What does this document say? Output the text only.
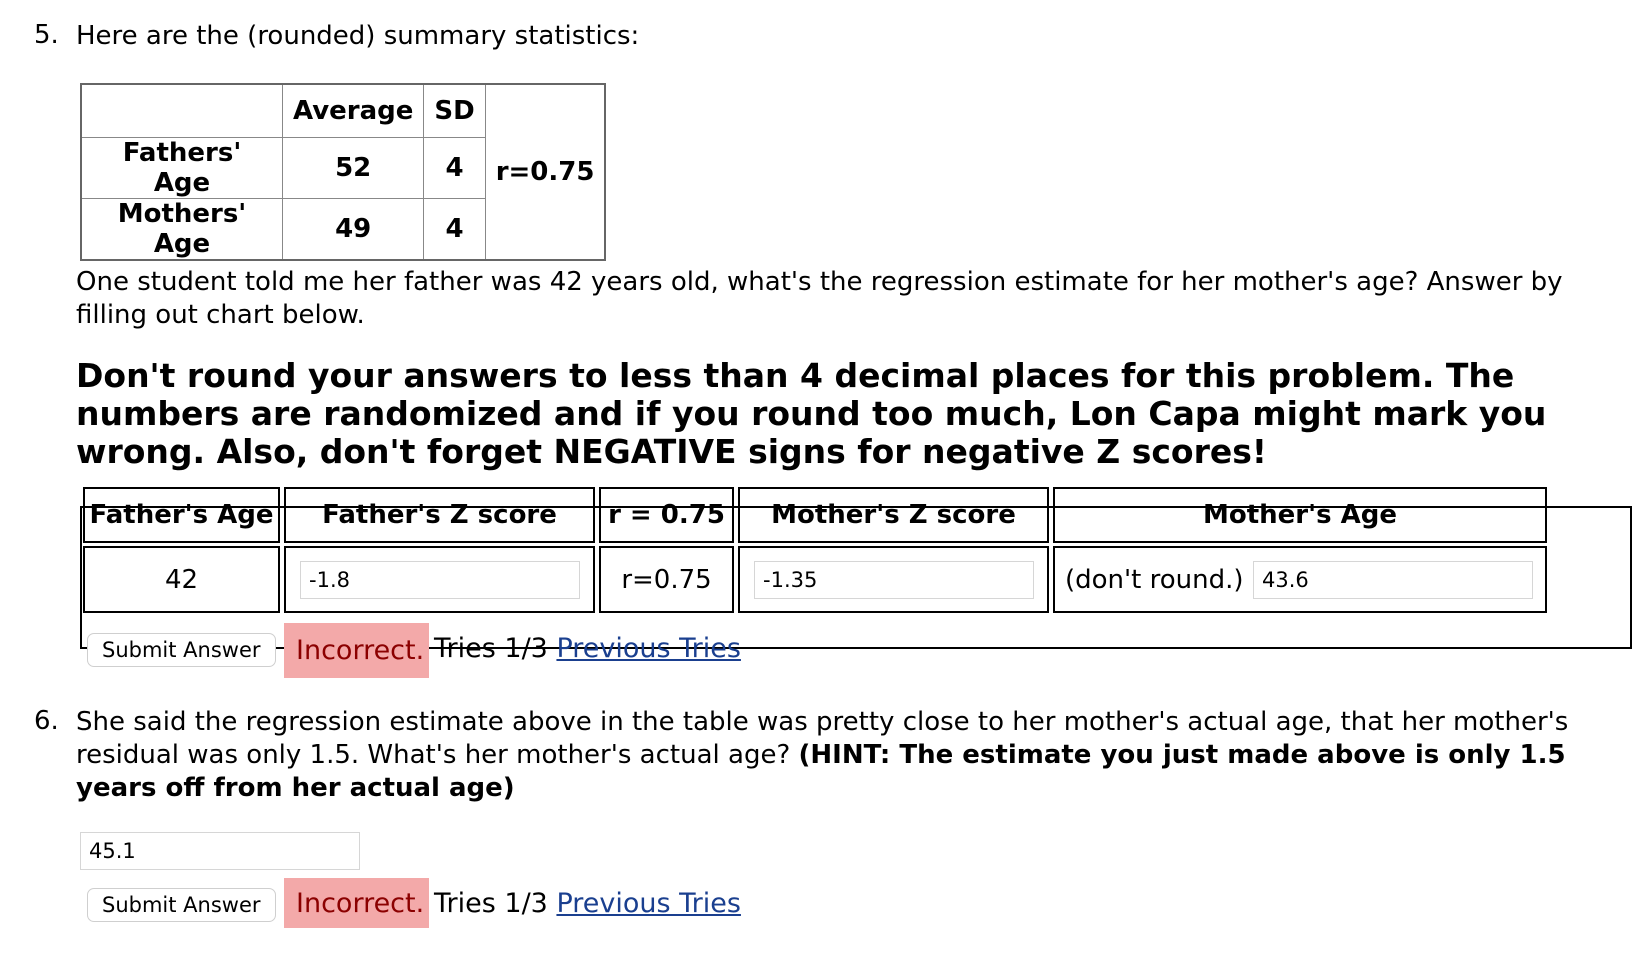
5. Here are the (rounded) summary statistics:
	Average	SD	r=0.75
Fathers' Age	52	4	
Mothers' Age	49	4	
One student told me her father was 42 years old, what's the regression estimate for her mother's age? Answer by
filling out chart below.
Don't round your answers to less than 4 decimal places for this problem. The
numbers are randomized and if you round too much, Lon Capa might mark you
wrong. Also, don't forget NEGATIVE signs for negative Z scores!
Father's Age	Father's Z score	r = 0.75	Mother's Z score	Mother's Age
42	-1.8	r=0.75	-1.35	(don't round.) 43.6
Submit Answer	Incorrect. Tries 1/3 Previous Tries
6. She said the regression estimate above in the table was pretty close to her mother's actual age, that her mother's
residual was only 1.5. What's her mother's actual age? (HINT: The estimate you just made above is only 1.5
years off from her actual age)
45.1
Submit Answer	Incorrect. Tries 1/3 Previous Tries
